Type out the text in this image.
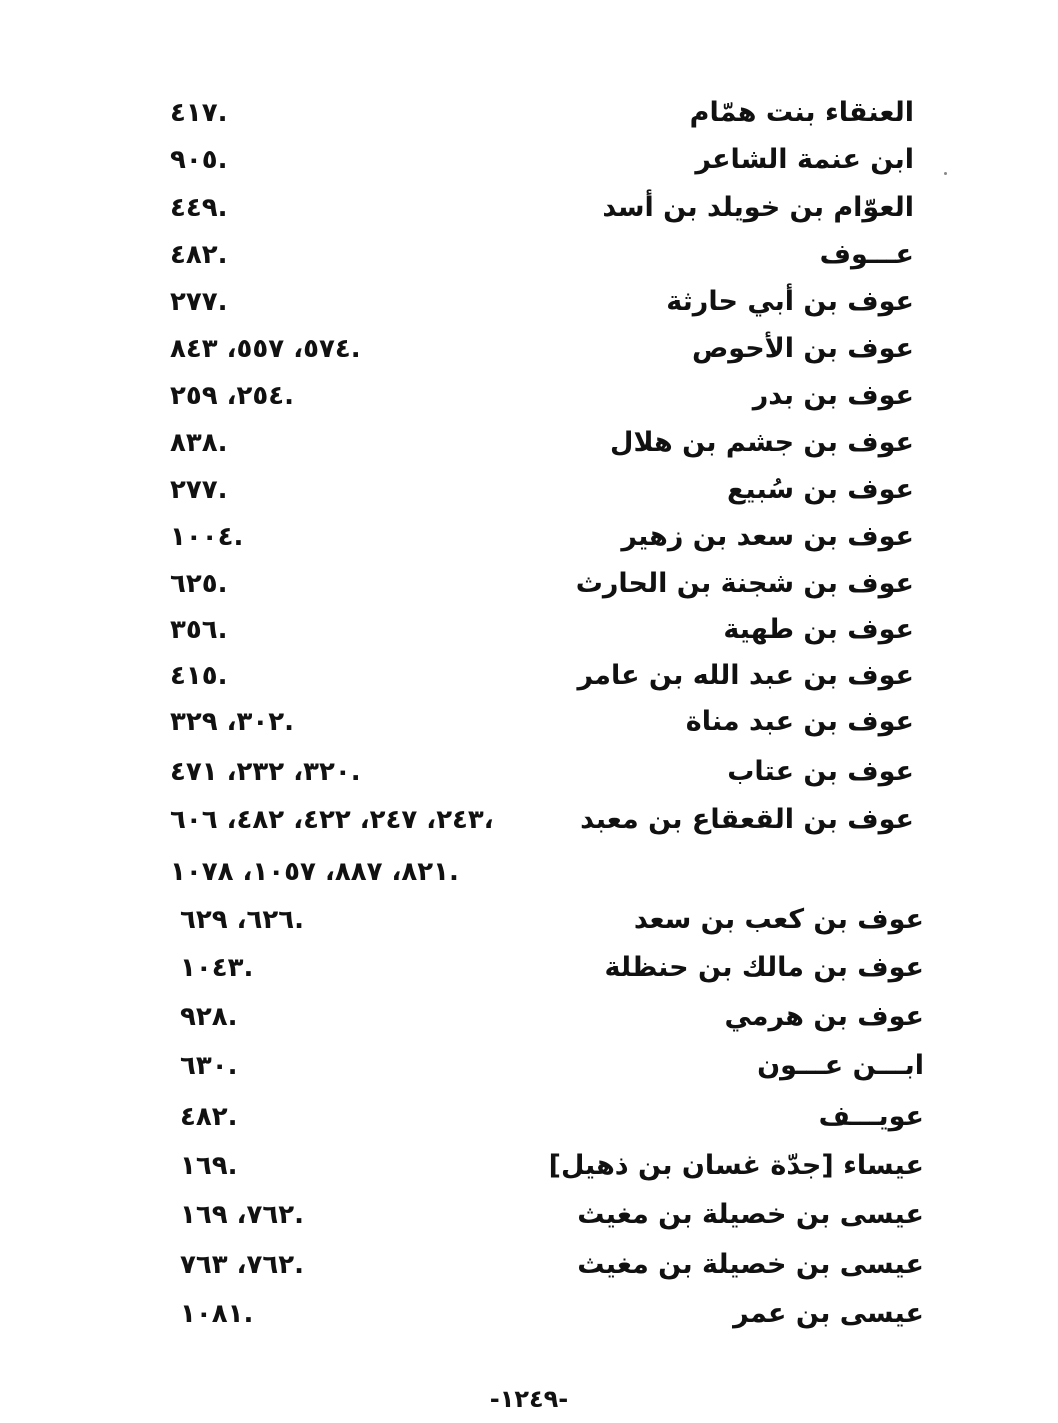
العنقاء بنت همّام
٤١٧.
ابن عنمة الشاعر
٩٠٥.
العوّام بن خويلد بن أسد
٤٤٩.
عـــوف
٤٨٢.
عوف بن أبي حارثة
٢٧٧.
عوف بن الأحوص
٥٧٤، ٥٥٧، ٨٤٣.
عوف بن بدر
٢٥٤، ٢٥٩.
عوف بن جشم بن هلال
٨٣٨.
عوف بن سُبيع
٢٧٧.
عوف بن سعد بن زهير
١٠٠٤.
عوف بن شجنة بن الحارث
٦٢٥.
عوف بن طهية
٣٥٦.
عوف بن عبد الله بن عامر
٤١٥.
عوف بن عبد مناة
٣٠٢، ٣٢٩.
عوف بن عتاب
٣٢٠، ٢٣٢، ٤٧١.
عوف بن القعقاع بن معبد
٢٤٣، ٢٤٧، ٤٢٢، ٤٨٢، ٦٠٦،
٨٢١، ٨٨٧، ١٠٥٧، ١٠٧٨.
عوف بن كعب بن سعد
٦٢٦، ٦٢٩.
عوف بن مالك بن حنظلة
١٠٤٣.
عوف بن هرمي
٩٢٨.
ابـــن عـــون
٦٣٠.
عويـــف
٤٨٢.
عيساء [جدّة غسان بن ذهيل]
١٦٩.
عيسى بن خصيلة بن مغيث
٧٦٢، ١٦٩.
عيسى بن خصيلة بن مغيث
٧٦٢، ٧٦٣.
عيسى بن عمر
١٠٨١.
-١٢٤٩-
